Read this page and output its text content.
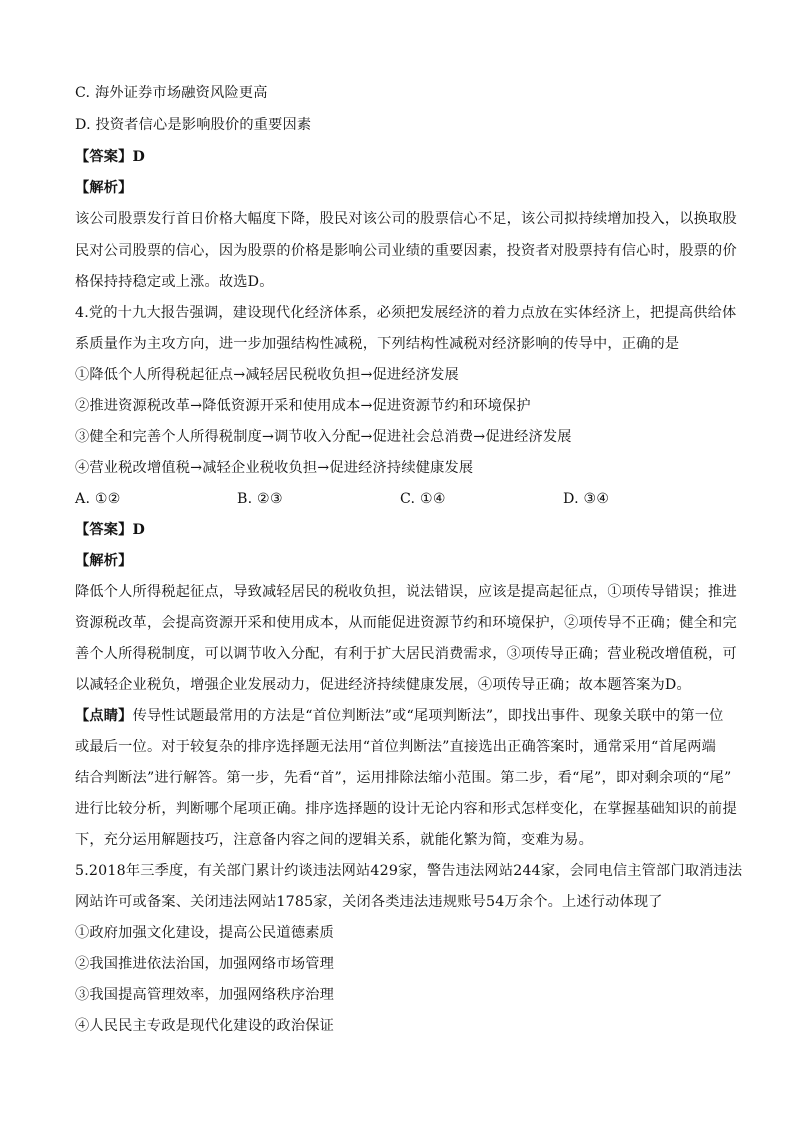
C. 海外证券市场融资风险更高
D. 投资者信心是影响股价的重要因素
【答案】D
【解析】
该公司股票发行首日价格大幅度下降，股民对该公司的股票信心不足，该公司拟持续增加投入，以换取股
民对公司股票的信心，因为股票的价格是影响公司业绩的重要因素，投资者对股票持有信心时，股票的价
格保持持稳定或上涨。故选D。
4.党的十九大报告强调，建设现代化经济体系，必须把发展经济的着力点放在实体经济上，把提高供给体
系质量作为主攻方向，进一步加强结构性减税，下列结构性减税对经济影响的传导中，正确的是
①降低个人所得税起征点→减轻居民税收负担→促进经济发展
②推进资源税改革→降低资源开采和使用成本→促进资源节约和环境保护
③健全和完善个人所得税制度→调节收入分配→促进社会总消费→促进经济发展
④营业税改增值税→减轻企业税收负担→促进经济持续健康发展
A. ①②	B. ②③	C. ①④	D. ③④
【答案】D
【解析】
降低个人所得税起征点，导致减轻居民的税收负担，说法错误，应该是提高起征点，①项传导错误；推进
资源税改革，会提高资源开采和使用成本，从而能促进资源节约和环境保护，②项传导不正确；健全和完
善个人所得税制度，可以调节收入分配，有利于扩大居民消费需求，③项传导正确；营业税改增值税，可
以减轻企业税负，增强企业发展动力，促进经济持续健康发展，④项传导正确；故本题答案为D。
【点睛】传导性试题最常用的方法是“首位判断法”或“尾项判断法”，即找出事件、现象关联中的第一位
或最后一位。对于较复杂的排序选择题无法用“首位判断法”直接选出正确答案时，通常采用“首尾两端
结合判断法”进行解答。第一步，先看“首”，运用排除法缩小范围。第二步，看“尾”，即对剩余项的“尾”
进行比较分析，判断哪个尾项正确。排序选择题的设计无论内容和形式怎样变化，在掌握基础知识的前提
下，充分运用解题技巧，注意备内容之间的逻辑关系，就能化繁为简，变难为易。
5.2018年三季度，有关部门累计约谈违法网站429家，警告违法网站244家，会同电信主管部门取消违法
网站许可或备案、关闭违法网站1785家，关闭各类违法违规账号54万余个。上述行动体现了
①政府加强文化建设，提高公民道德素质
②我国推进依法治国，加强网络市场管理
③我国提高管理效率，加强网络秩序治理
④人民民主专政是现代化建设的政治保证
